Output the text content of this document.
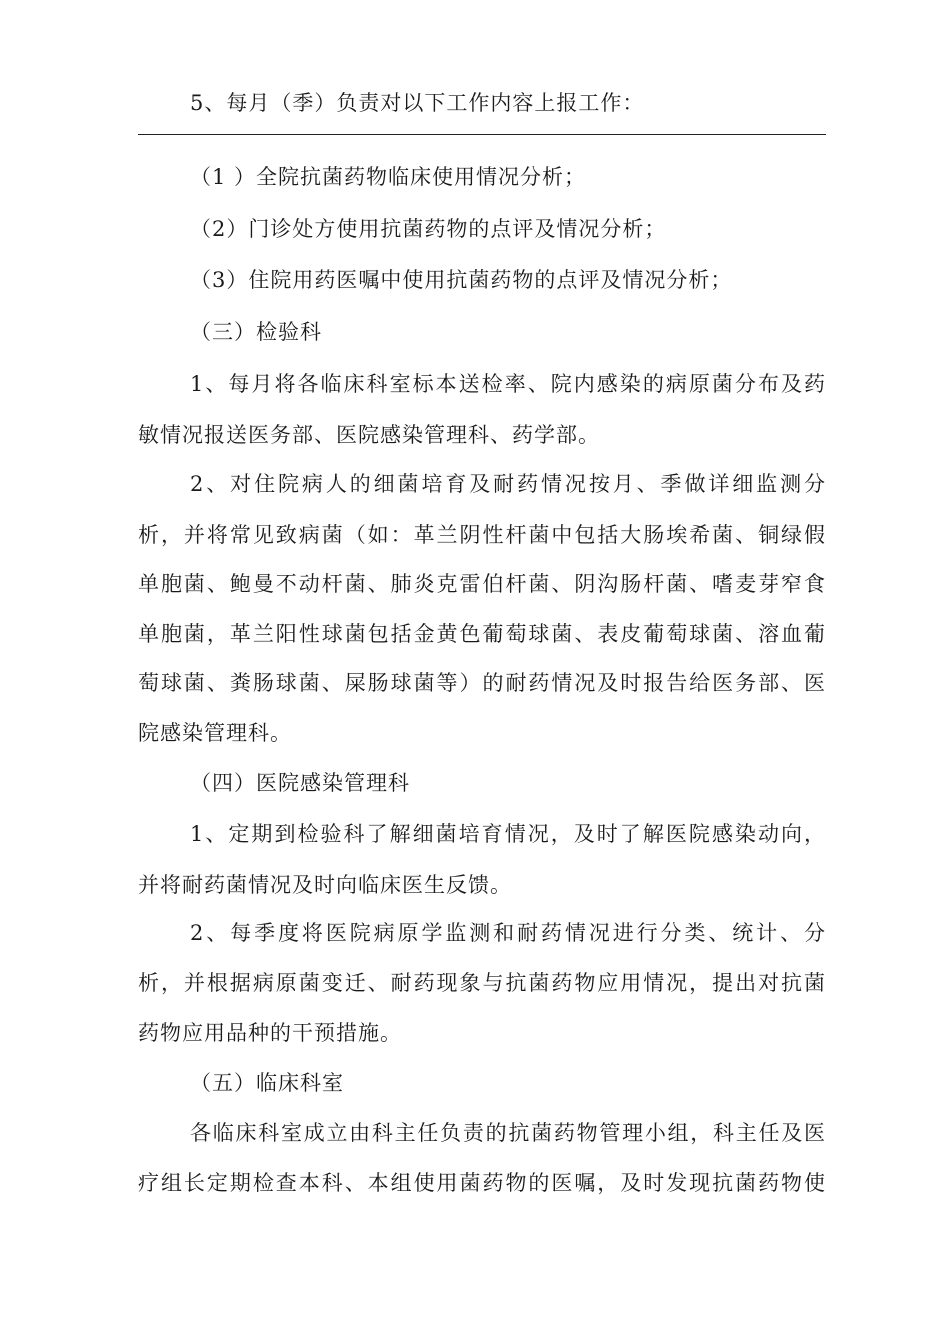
5、每月（季）负责对以下工作内容上报工作：
（1 ）全院抗菌药物临床使用情况分析；
（2）门诊处方使用抗菌药物的点评及情况分析；
（3）住院用药医嘱中使用抗菌药物的点评及情况分析；
（三）检验科
1、每月将各临床科室标本送检率、院内感染的病原菌分布及药
敏情况报送医务部、医院感染管理科、药学部。
2、对住院病人的细菌培育及耐药情况按月、季做详细监测分
析，并将常见致病菌（如：革兰阴性杆菌中包括大肠埃希菌、铜绿假
单胞菌、鲍曼不动杆菌、肺炎克雷伯杆菌、阴沟肠杆菌、嗜麦芽窄食
单胞菌，革兰阳性球菌包括金黄色葡萄球菌、表皮葡萄球菌、溶血葡
萄球菌、粪肠球菌、屎肠球菌等）的耐药情况及时报告给医务部、医
院感染管理科。
（四）医院感染管理科
1、定期到检验科了解细菌培育情况，及时了解医院感染动向，
并将耐药菌情况及时向临床医生反馈。
2、每季度将医院病原学监测和耐药情况进行分类、统计、分
析，并根据病原菌变迁、耐药现象与抗菌药物应用情况，提出对抗菌
药物应用品种的干预措施。
（五）临床科室
各临床科室成立由科主任负责的抗菌药物管理小组，科主任及医
疗组长定期检查本科、本组使用菌药物的医嘱，及时发现抗菌药物使
